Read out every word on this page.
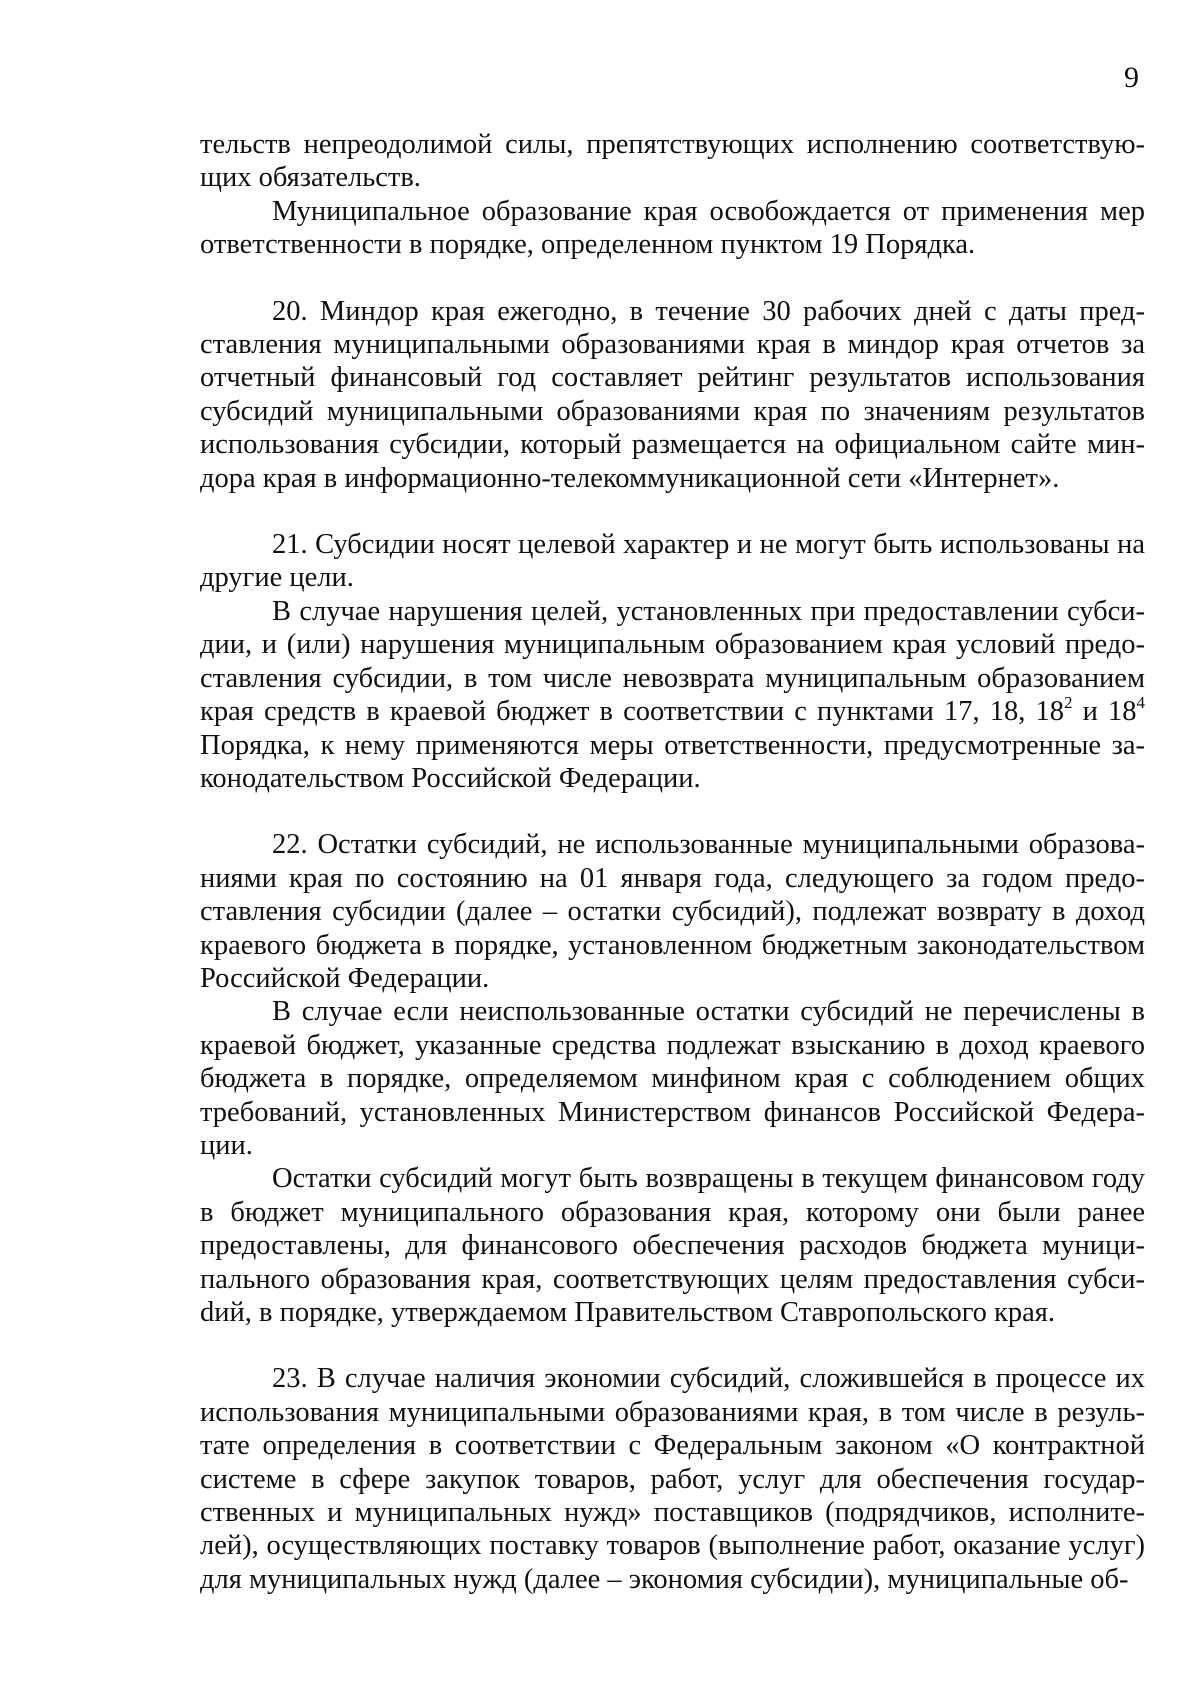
9

тельств непреодолимой силы, препятствующих исполнению соответствующих обязательств.

Муниципальное образование края освобождается от применения мер ответственности в порядке, определенном пунктом 19 Порядка.

20. Миндор края ежегодно, в течение 30 рабочих дней с даты представления муниципальными образованиями края в миндор края отчетов за отчетный финансовый год составляет рейтинг результатов использования субсидий муниципальными образованиями края по значениям результатов использования субсидии, который размещается на официальном сайте миндора края в информационно-телекоммуникационной сети «Интернет».

21. Субсидии носят целевой характер и не могут быть использованы на другие цели.

В случае нарушения целей, установленных при предоставлении субсидии, и (или) нарушения муниципальным образованием края условий предоставления субсидии, в том числе невозврата муниципальным образованием края средств в краевой бюджет в соответствии с пунктами 17, 18, $18^2$ и $18^4$ Порядка, к нему применяются меры ответственности, предусмотренные законодательством Российской Федерации.

22. Остатки субсидий, не использованные муниципальными образованиями края по состоянию на 01 января года, следующего за годом предоставления субсидии (далее – остатки субсидий), подлежат возврату в доход краевого бюджета в порядке, установленном бюджетным законодательством Российской Федерации.

В случае если неиспользованные остатки субсидий не перечислены в краевой бюджет, указанные средства подлежат взысканию в доход краевого бюджета в порядке, определяемом минфином края с соблюдением общих требований, установленных Министерством финансов Российской Федерации.

Остатки субсидий могут быть возвращены в текущем финансовом году в бюджет муниципального образования края, которому они были ранее предоставлены, для финансового обеспечения расходов бюджета муниципального образования края, соответствующих целям предоставления субсиdий, в порядке, утверждаемом Правительством Ставропольского края.

23. В случае наличия экономии субсидий, сложившейся в процессе их использования муниципальными образованиями края, в том числе в результате определения в соответствии с Федеральным законом «О контрактной системе в сфере закупок товаров, работ, услуг для обеспечения государственных и муниципальных нужд» поставщиков (подрядчиков, исполнителей), осуществляющих поставку товаров (выполнение работ, оказание услуг) для муниципальных нужд (далее – экономия субсидии), муниципальные об-
